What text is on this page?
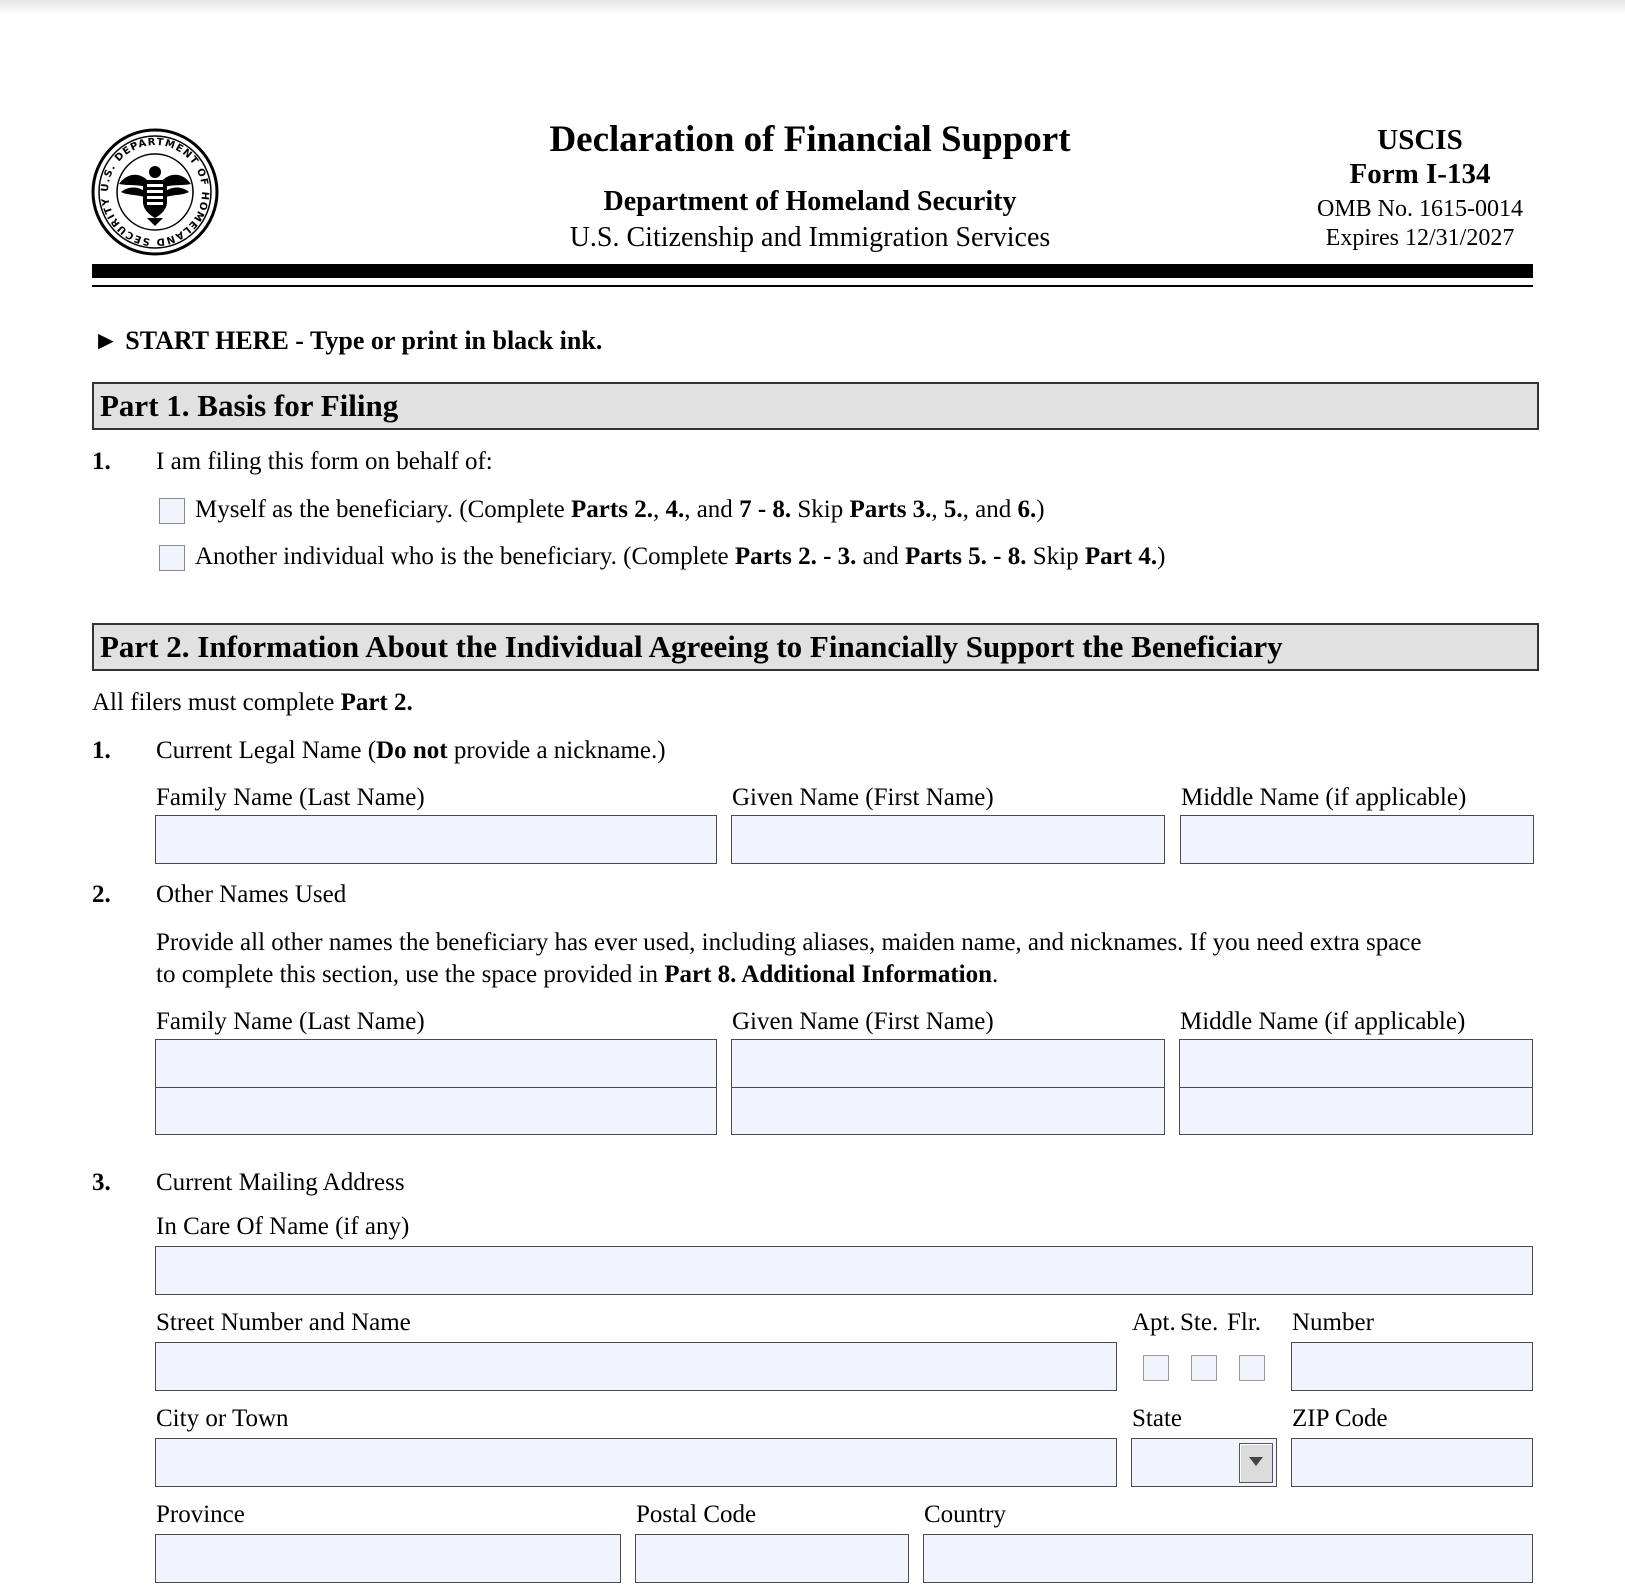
U.S. DEPARTMENT OF HOMELAND SECURITY
Declaration of Financial Support
Department of Homeland Security
U.S. Citizenship and Immigration Services
USCIS
Form I-134
OMB No. 1615-0014
Expires 12/31/2027
► START HERE - Type or print in black ink.
Part 1. Basis for Filing
1. I am filing this form on behalf of:
Myself as the beneficiary. (Complete Parts 2., 4., and 7 - 8. Skip Parts 3., 5., and 6.)
Another individual who is the beneficiary. (Complete Parts 2. - 3. and Parts 5. - 8. Skip Part 4.)
Part 2. Information About the Individual Agreeing to Financially Support the Beneficiary
All filers must complete Part 2.
1. Current Legal Name (Do not provide a nickname.)
Family Name (Last Name)	Given Name (First Name)	Middle Name (if applicable)
2. Other Names Used
Provide all other names the beneficiary has ever used, including aliases, maiden name, and nicknames. If you need extra space
to complete this section, use the space provided in Part 8. Additional Information.
Family Name (Last Name)	Given Name (First Name)	Middle Name (if applicable)
3. Current Mailing Address
In Care Of Name (if any)
Street Number and Name	Apt. Ste. Flr. Number
City or Town	State	ZIP Code
Province	Postal Code	Country
